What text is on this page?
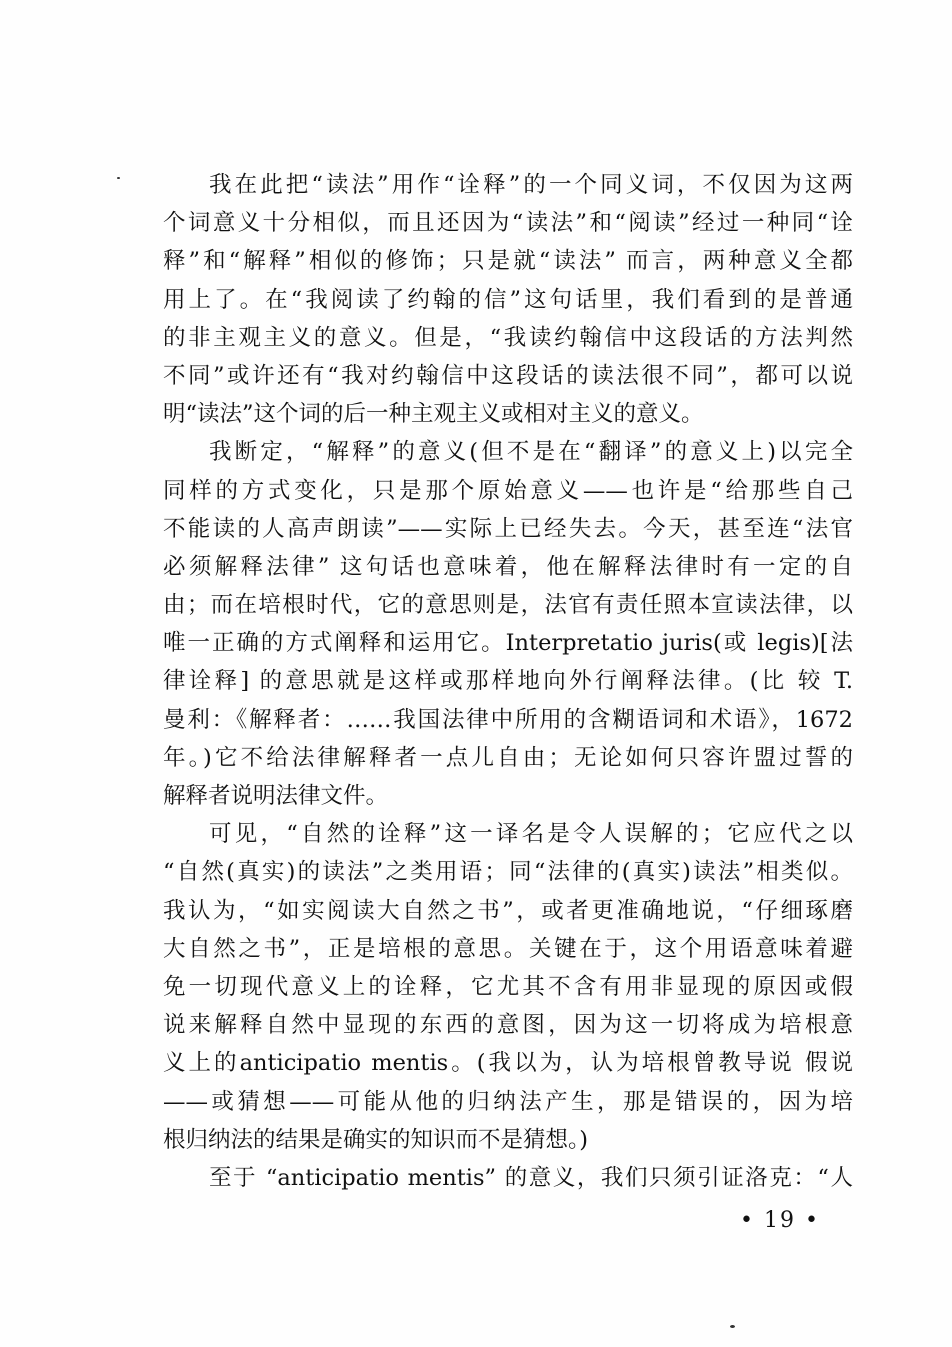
我在此把“读法”用作“诠释”的一个同义词，不仅因为这两
个词意义十分相似，而且还因为“读法”和“阅读”经过一种同“诠
释”和“解释”相似的修饰；只是就“读法” 而言，两种意义全都
用上了。在“我阅读了约翰的信”这句话里，我们看到的是普通
的非主观主义的意义。但是，“我读约翰信中这段话的方法判然
不同”或许还有“我对约翰信中这段话的读法很不同”，都可以说
明“读法”这个词的后一种主观主义或相对主义的意义。
我断定，“解释”的意义(但不是在“翻译”的意义上)以完全
同样的方式变化，只是那个原始意义——也许是“给那些自己
不能读的人高声朗读”——实际上已经失去。今天，甚至连“法官
必须解释法律” 这句话也意味着，他在解释法律时有一定的自
由；而在培根时代，它的意思则是，法官有责任照本宣读法律，以
唯一正确的方式阐释和运用它。Interpretatio juris(或 legis)[法
律诠释] 的意思就是这样或那样地向外行阐释法律。(比 较 T.
曼利：《解释者：……我国法律中所用的含糊语词和术语》，1672
年。)它不给法律解释者一点儿自由；无论如何只容许盟过誓的
解释者说明法律文件。
可见，“自然的诠释”这一译名是令人误解的；它应代之以
“自然(真实)的读法”之类用语；同“法律的(真实)读法”相类似。
我认为，“如实阅读大自然之书”，或者更准确地说，“仔细琢磨
大自然之书”，正是培根的意思。关键在于，这个用语意味着避
免一切现代意义上的诠释，它尤其不含有用非显现的原因或假
说来解释自然中显现的东西的意图，因为这一切将成为培根意
义上的anticipatio mentis。(我以为，认为培根曾教导说 假说
——或猜想——可能从他的归纳法产生，那是错误的，因为培
根归纳法的结果是确实的知识而不是猜想。)
至于 “anticipatio mentis” 的意义，我们只须引证洛克：“人
• 19 •
